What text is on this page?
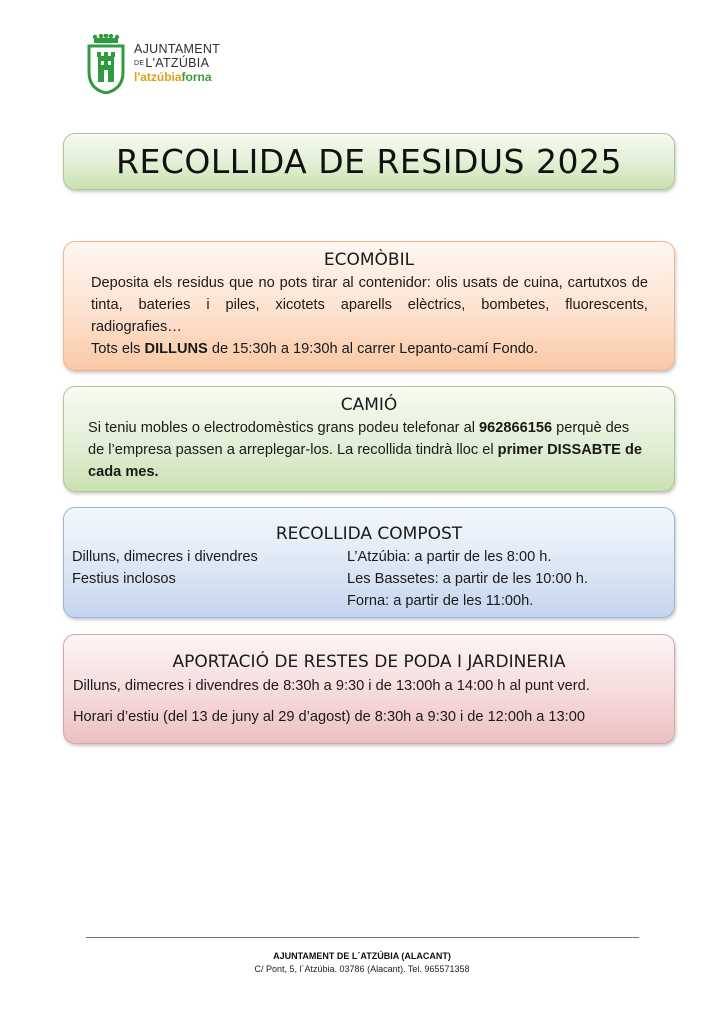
AJUNTAMENT
DEL'ATZÚBIA
l'atzúbiaforna
RECOLLIDA DE RESIDUS 2025
ECOMÒBIL
Deposita els residus que no pots tirar al contenidor: olis usats de cuina, cartutxos de tinta, bateries i piles, xicotets aparells elèctrics, bombetes, fluorescents, radiografies…
Tots els DILLUNS de 15:30h a 19:30h al carrer Lepanto-camí Fondo.
CAMIÓ
Si teniu mobles o electrodomèstics grans podeu telefonar al 962866156 perquè des de l’empresa passen a arreplegar-los. La recollida tindrà lloc el primer DISSABTE de cada mes.
RECOLLIDA COMPOST
Dilluns, dimecres i divendres
Festius inclosos
L’Atzúbia: a partir de les 8:00 h.
Les Bassetes: a partir de les 10:00 h.
Forna: a partir de les 11:00h.
APORTACIÓ DE RESTES DE PODA I JARDINERIA
Dilluns, dimecres i divendres de 8:30h a 9:30 i de 13:00h a 14:00 h al punt verd.
Horari d’estiu (del 13 de juny al 29 d’agost) de 8:30h a 9:30 i de 12:00h a 13:00
AJUNTAMENT DE L´ATZÚBIA (ALACANT)
C/ Pont, 5, l´Atzúbia. 03786 (Alacant). Tel. 965571358
